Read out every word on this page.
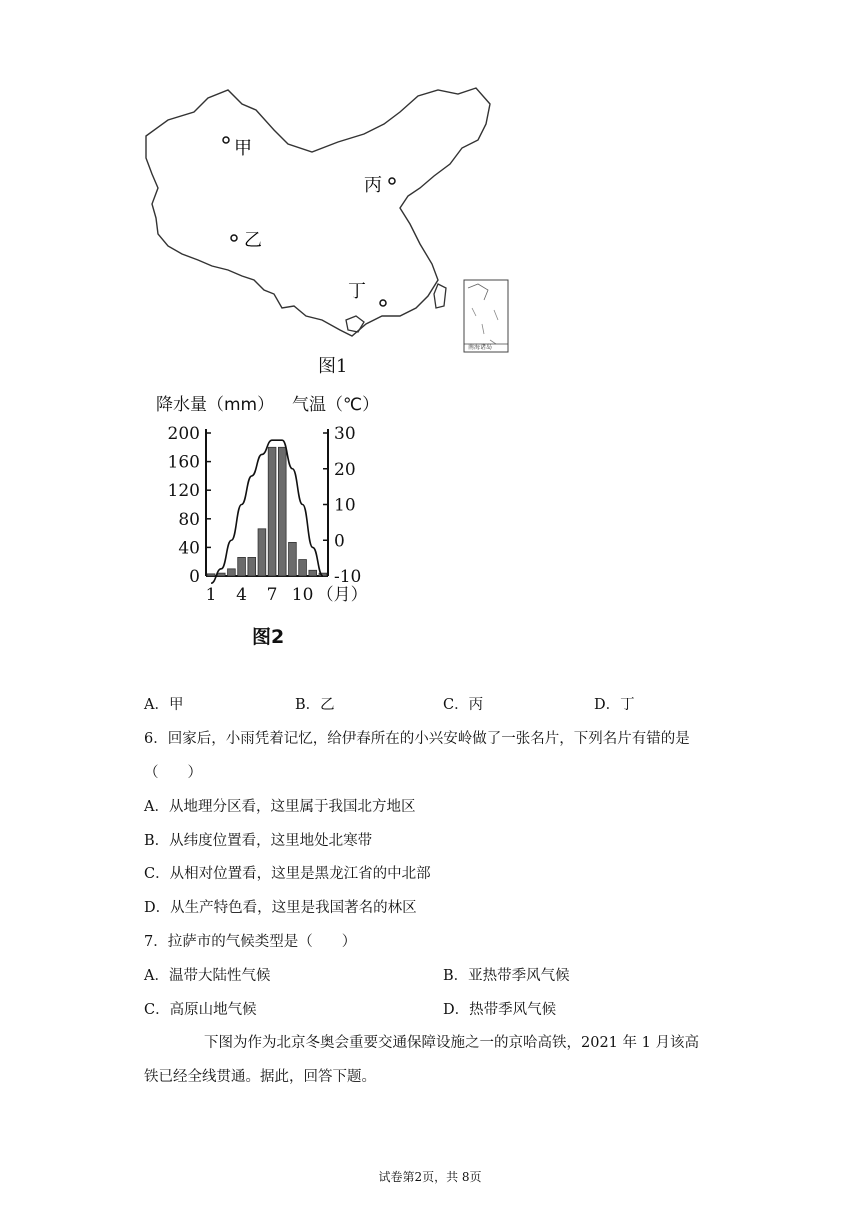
南海诸岛
甲
丙
乙
丁
图1
降水量（mm） 气温（℃）
0
40
80
120
160
200
-10
0
10
20
30
1 4 7 10 （月）
图2
A．甲	B．乙	C．丙	D．丁
6．回家后，小雨凭着记忆，给伊春所在的小兴安岭做了一张名片，下列名片有错的是
（　　）
A．从地理分区看，这里属于我国北方地区
B．从纬度位置看，这里地处北寒带
C．从相对位置看，这里是黑龙江省的中北部
D．从生产特色看，这里是我国著名的林区
7．拉萨市的气候类型是（　　）
A．温带大陆性气候	B．亚热带季风气候
C．高原山地气候	D．热带季风气候
下图为作为北京冬奥会重要交通保障设施之一的京哈高铁，2021 年 1 月该高
铁已经全线贯通。据此，回答下题。
试卷第2页，共 8页
